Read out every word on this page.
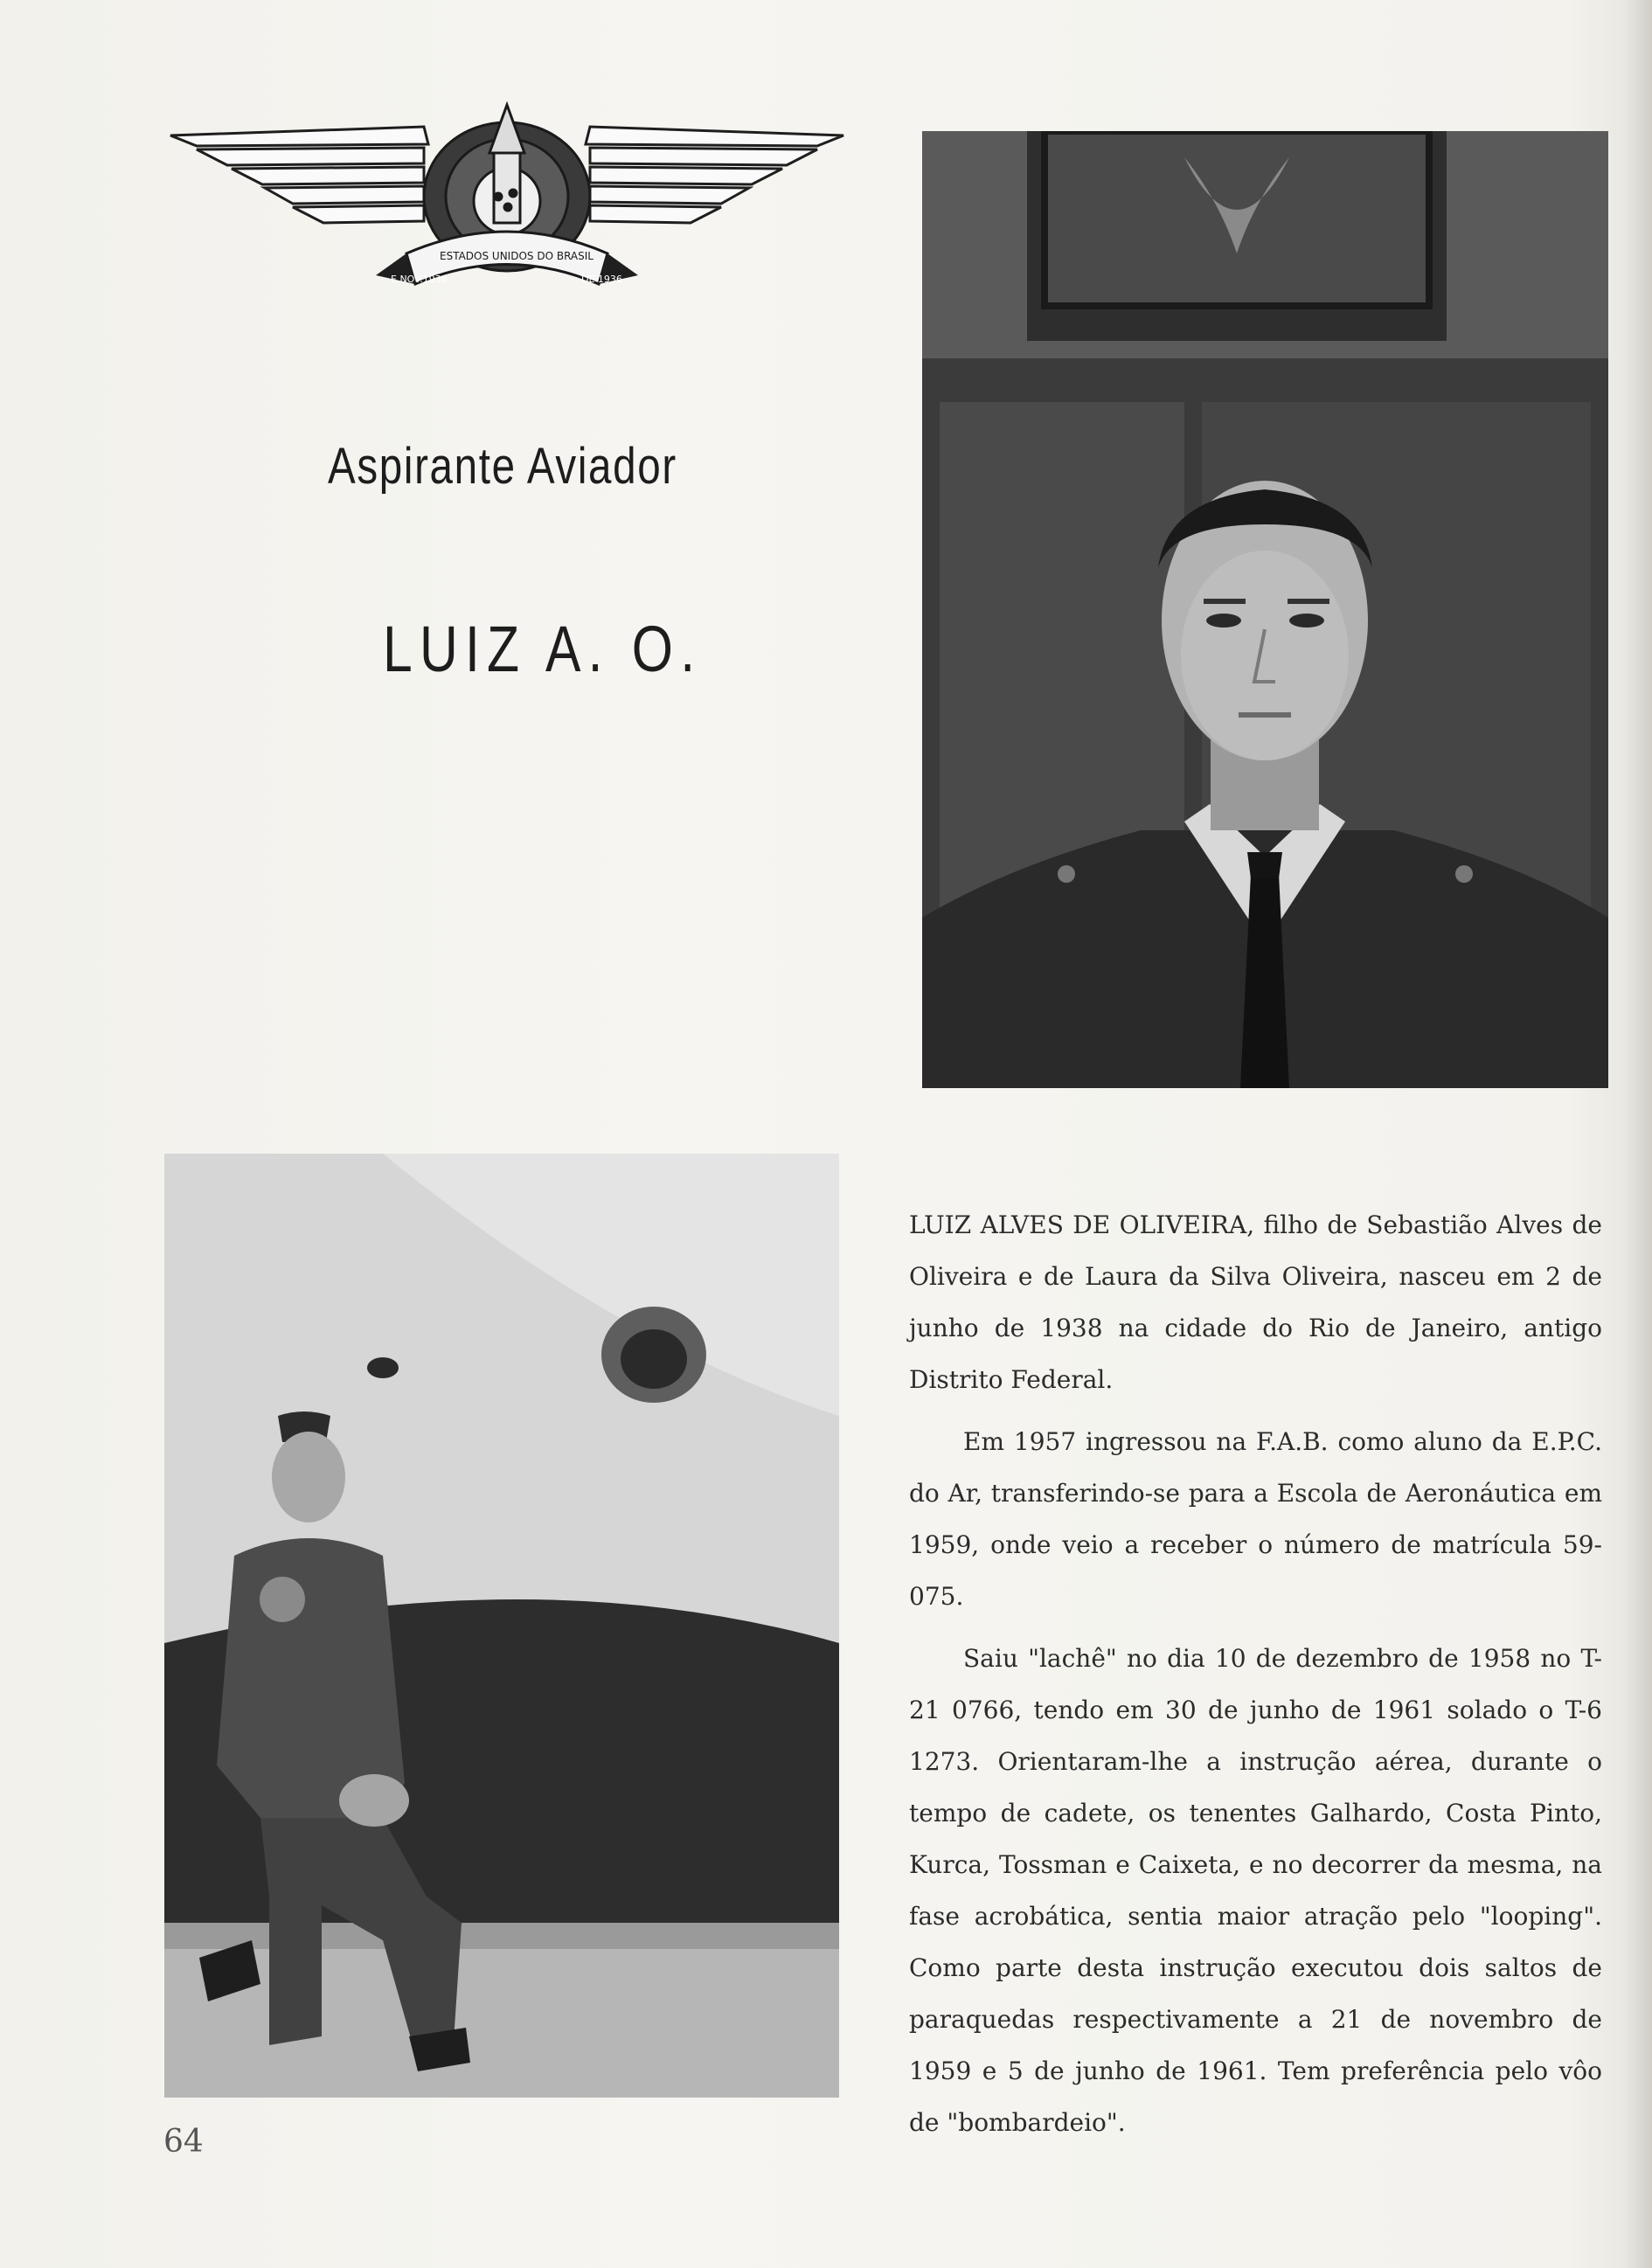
E.NOV.1936
ESTADOS UNIDOS DO BRASIL
DE 1936
Aspirante Aviador
LUIZ A. O.

LUIZ ALVES DE OLIVEIRA, filho de Sebastião Alves de Oliveira e de Laura da Silva Oliveira, nasceu em 2 de junho de 1938 na cidade do Rio de Janeiro, antigo Distrito Federal.

Em 1957 ingressou na F.A.B. como aluno da E.P.C. do Ar, transferindo-se para a Escola de Aeronáutica em 1959, onde veio a receber o número de matrícula 59-075.

Saiu "lachê" no dia 10 de dezembro de 1958 no T-21 0766, tendo em 30 de junho de 1961 solado o T-6 1273. Orientaram-lhe a instrução aérea, durante o tempo de cadete, os tenentes Galhardo, Costa Pinto, Kurca, Tossman e Caixeta, e no decorrer da mesma, na fase acrobática, sentia maior atração pelo "looping". Como parte desta instrução executou dois saltos de paraquedas respectivamente a 21 de novembro de 1959 e 5 de junho de 1961. Tem preferência pelo vôo de "bombardeio".

64
